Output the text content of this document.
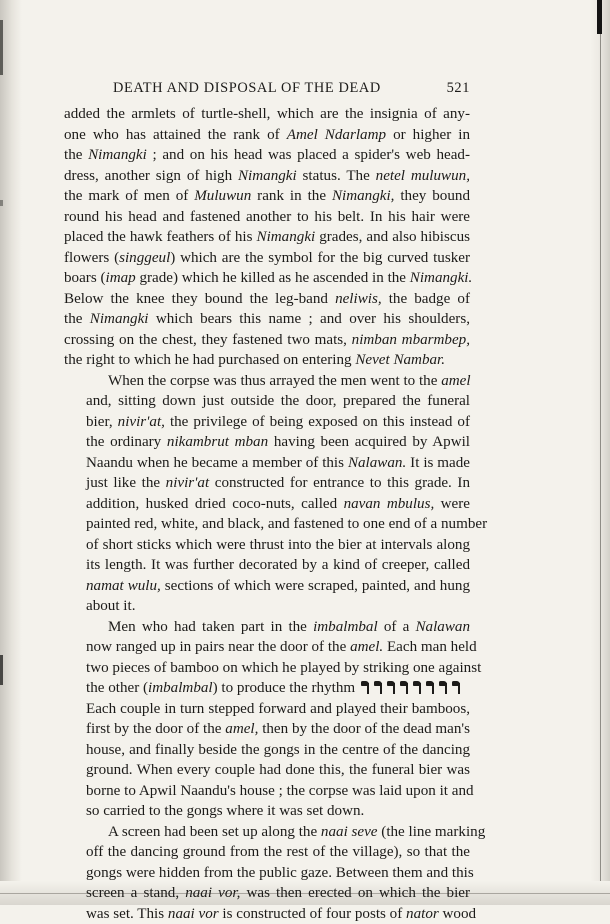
DEATH AND DISPOSAL OF THE DEAD	521
added the armlets of turtle-shell, which are the insignia of any-
one who has attained the rank of Amel Ndarlamp or higher in
the Nimangki ; and on his head was placed a spider's web head-
dress, another sign of high Nimangki status. The netel muluwun,
the mark of men of Muluwun rank in the Nimangki, they bound
round his head and fastened another to his belt. In his hair were
placed the hawk feathers of his Nimangki grades, and also hibiscus
flowers (singgeul) which are the symbol for the big curved tusker
boars (imap grade) which he killed as he ascended in the Nimangki.
Below the knee they bound the leg-band neliwis, the badge of
the Nimangki which bears this name ; and over his shoulders,
crossing on the chest, they fastened two mats, nimban mbarmbep,
the right to which he had purchased on entering Nevet Nambar.
When the corpse was thus arrayed the men went to the amel
and, sitting down just outside the door, prepared the funeral
bier, nivir'at, the privilege of being exposed on this instead of
the ordinary nikambrut mban having been acquired by Apwil
Naandu when he became a member of this Nalawan. It is made
just like the nivir'at constructed for entrance to this grade. In
addition, husked dried coco-nuts, called navan mbulus, were
painted red, white, and black, and fastened to one end of a number
of short sticks which were thrust into the bier at intervals along
its length. It was further decorated by a kind of creeper, called
namat wulu, sections of which were scraped, painted, and hung
about it.
Men who had taken part in the imbalmbal of a Nalawan
now ranged up in pairs near the door of the amel. Each man held
two pieces of bamboo on which he played by striking one against
the other (imbalmbal) to produce the rhythm
Each couple in turn stepped forward and played their bamboos,
first by the door of the amel, then by the door of the dead man's
house, and finally beside the gongs in the centre of the dancing
ground. When every couple had done this, the funeral bier was
borne to Apwil Naandu's house ; the corpse was laid upon it and
so carried to the gongs where it was set down.
A screen had been set up along the naai seve (the line marking
off the dancing ground from the rest of the village), so that the
gongs were hidden from the public gaze. Between them and this
screen a stand, naai vor, was then erected on which the bier
was set. This naai vor is constructed of four posts of nator wood
